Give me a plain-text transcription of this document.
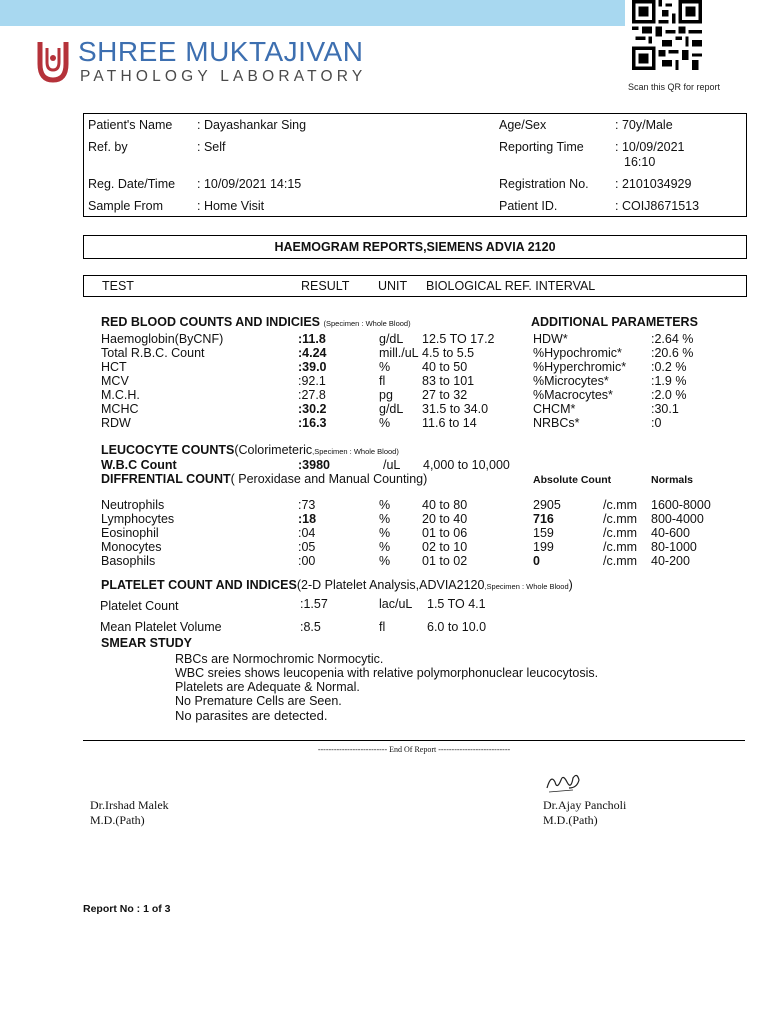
SHREE MUKTAJIVAN
PATHOLOGY LABORATORY
Scan this QR for report
Patient's Name : Dayashankar Sing
Ref. by	: Self
Reg. Date/Time : 10/09/2021 14:15
Sample From	: Home Visit
Age/Sex	: 70y/Male
Reporting Time : 10/09/2021
16:10
Registration No. : 2101034929
Patient ID.	: COIJ8671513
HAEMOGRAM REPORTS,SIEMENS ADVIA 2120
TEST	RESULT UNIT BIOLOGICAL REF. INTERVAL
RED BLOOD COUNTS AND INDICIES (Specimen : Whole Blood)	ADDITIONAL PARAMETERS
Haemoglobin(ByCNF)	:11.8	g/dL 12.5 TO 17.2
Total R.B.C. Count	:4.24	mill./uL 4.5 to 5.5
HCT	:39.0	%	40 to 50
MCV	:92.1	fl	83 to 101
M.C.H.	:27.8	pg 27 to 32
MCHC	:30.2	g/dL 31.5 to 34.0
RDW	:16.3	%	11.6 to 14
HDW*	:2.64 %
%Hypochromic* :20.6 %
%Hyperchromic* :0.2 %
%Microcytes*	:1.9 %
%Macrocytes*	:2.0 %
CHCM*	:30.1
NRBCs*	:0
LEUCOCYTE COUNTS(Colorimeteric,Specimen : Whole Blood)
W.B.C Count	:3980	/uL 4,000 to 10,000
DIFFRENTIAL COUNT( Peroxidase and Manual Counting)	Absolute Count	Normals
Neutrophils	:73	%	40 to 80	2905	/c.mm 1600-8000
Lymphocytes	:18	%	20 to 40	716	/c.mm 800-4000
Eosinophil	:04	%	01 to 06	159	/c.mm 40-600
Monocytes	:05	%	02 to 10	199	/c.mm 80-1000
Basophils	:00	%	01 to 02	0	/c.mm 40-200
PLATELET COUNT AND INDICES(2-D Platelet Analysis,ADVIA2120,Specimen : Whole Blood)
Platelet Count	:1.57	lac/uL 1.5 TO 4.1
Mean Platelet Volume	:8.5	fl	6.0 to 10.0
SMEAR STUDY
RBCs are Normochromic Normocytic.
WBC sreies shows leucopenia with relative polymorphonuclear leucocytosis.
Platelets are Adequate & Normal.
No Premature Cells are Seen.
No parasites are detected.
-------------------------- End Of Report ---------------------------
Dr.Irshad Malek
M.D.(Path)
Dr.Ajay Pancholi
M.D.(Path)
Report No : 1 of 3
